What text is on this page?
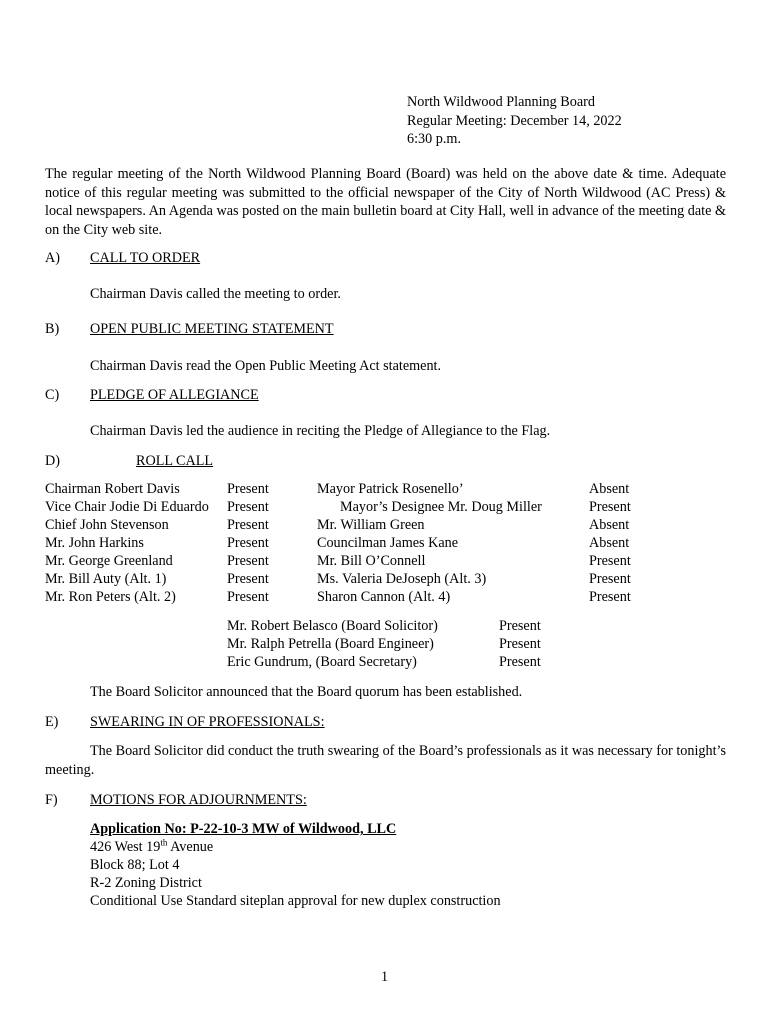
North Wildwood Planning Board
Regular Meeting: December 14, 2022
6:30 p.m.
The regular meeting of the North Wildwood Planning Board (Board) was held on the above date & time. Adequate notice of this regular meeting was submitted to the official newspaper of the City of North Wildwood (AC Press) & local newspapers. An Agenda was posted on the main bulletin board at City Hall, well in advance of the meeting date & on the City web site.
A) CALL TO ORDER
Chairman Davis called the meeting to order.
B) OPEN PUBLIC MEETING STATEMENT
Chairman Davis read the Open Public Meeting Act statement.
C) PLEDGE OF ALLEGIANCE
Chairman Davis led the audience in reciting the Pledge of Allegiance to the Flag.
D)	ROLL CALL
Chairman Robert Davis	Present	Mayor Patrick Rosenello’	Absent
Vice Chair Jodie Di Eduardo Present	Mayor’s Designee Mr. Doug Miller	Present
Chief John Stevenson	Present	Mr. William Green	Absent
Mr. John Harkins	Present	Councilman James Kane	Absent
Mr. George Greenland	Present	Mr. Bill O’Connell	Present
Mr. Bill Auty (Alt. 1)	Present	Ms. Valeria DeJoseph (Alt. 3)	Present
Mr. Ron Peters (Alt. 2)	Present	Sharon Cannon (Alt. 4)	Present
Mr. Robert Belasco (Board Solicitor)	Present
Mr. Ralph Petrella (Board Engineer)	Present
Eric Gundrum, (Board Secretary)	Present
The Board Solicitor announced that the Board quorum has been established.
E) SWEARING IN OF PROFESSIONALS:
The Board Solicitor did conduct the truth swearing of the Board’s professionals as it was necessary for tonight’s meeting.
F) MOTIONS FOR ADJOURNMENTS:
Application No: P-22-10-3 MW of Wildwood, LLC
426 West 19th Avenue
Block 88; Lot 4
R-2 Zoning District
Conditional Use Standard siteplan approval for new duplex construction
1
